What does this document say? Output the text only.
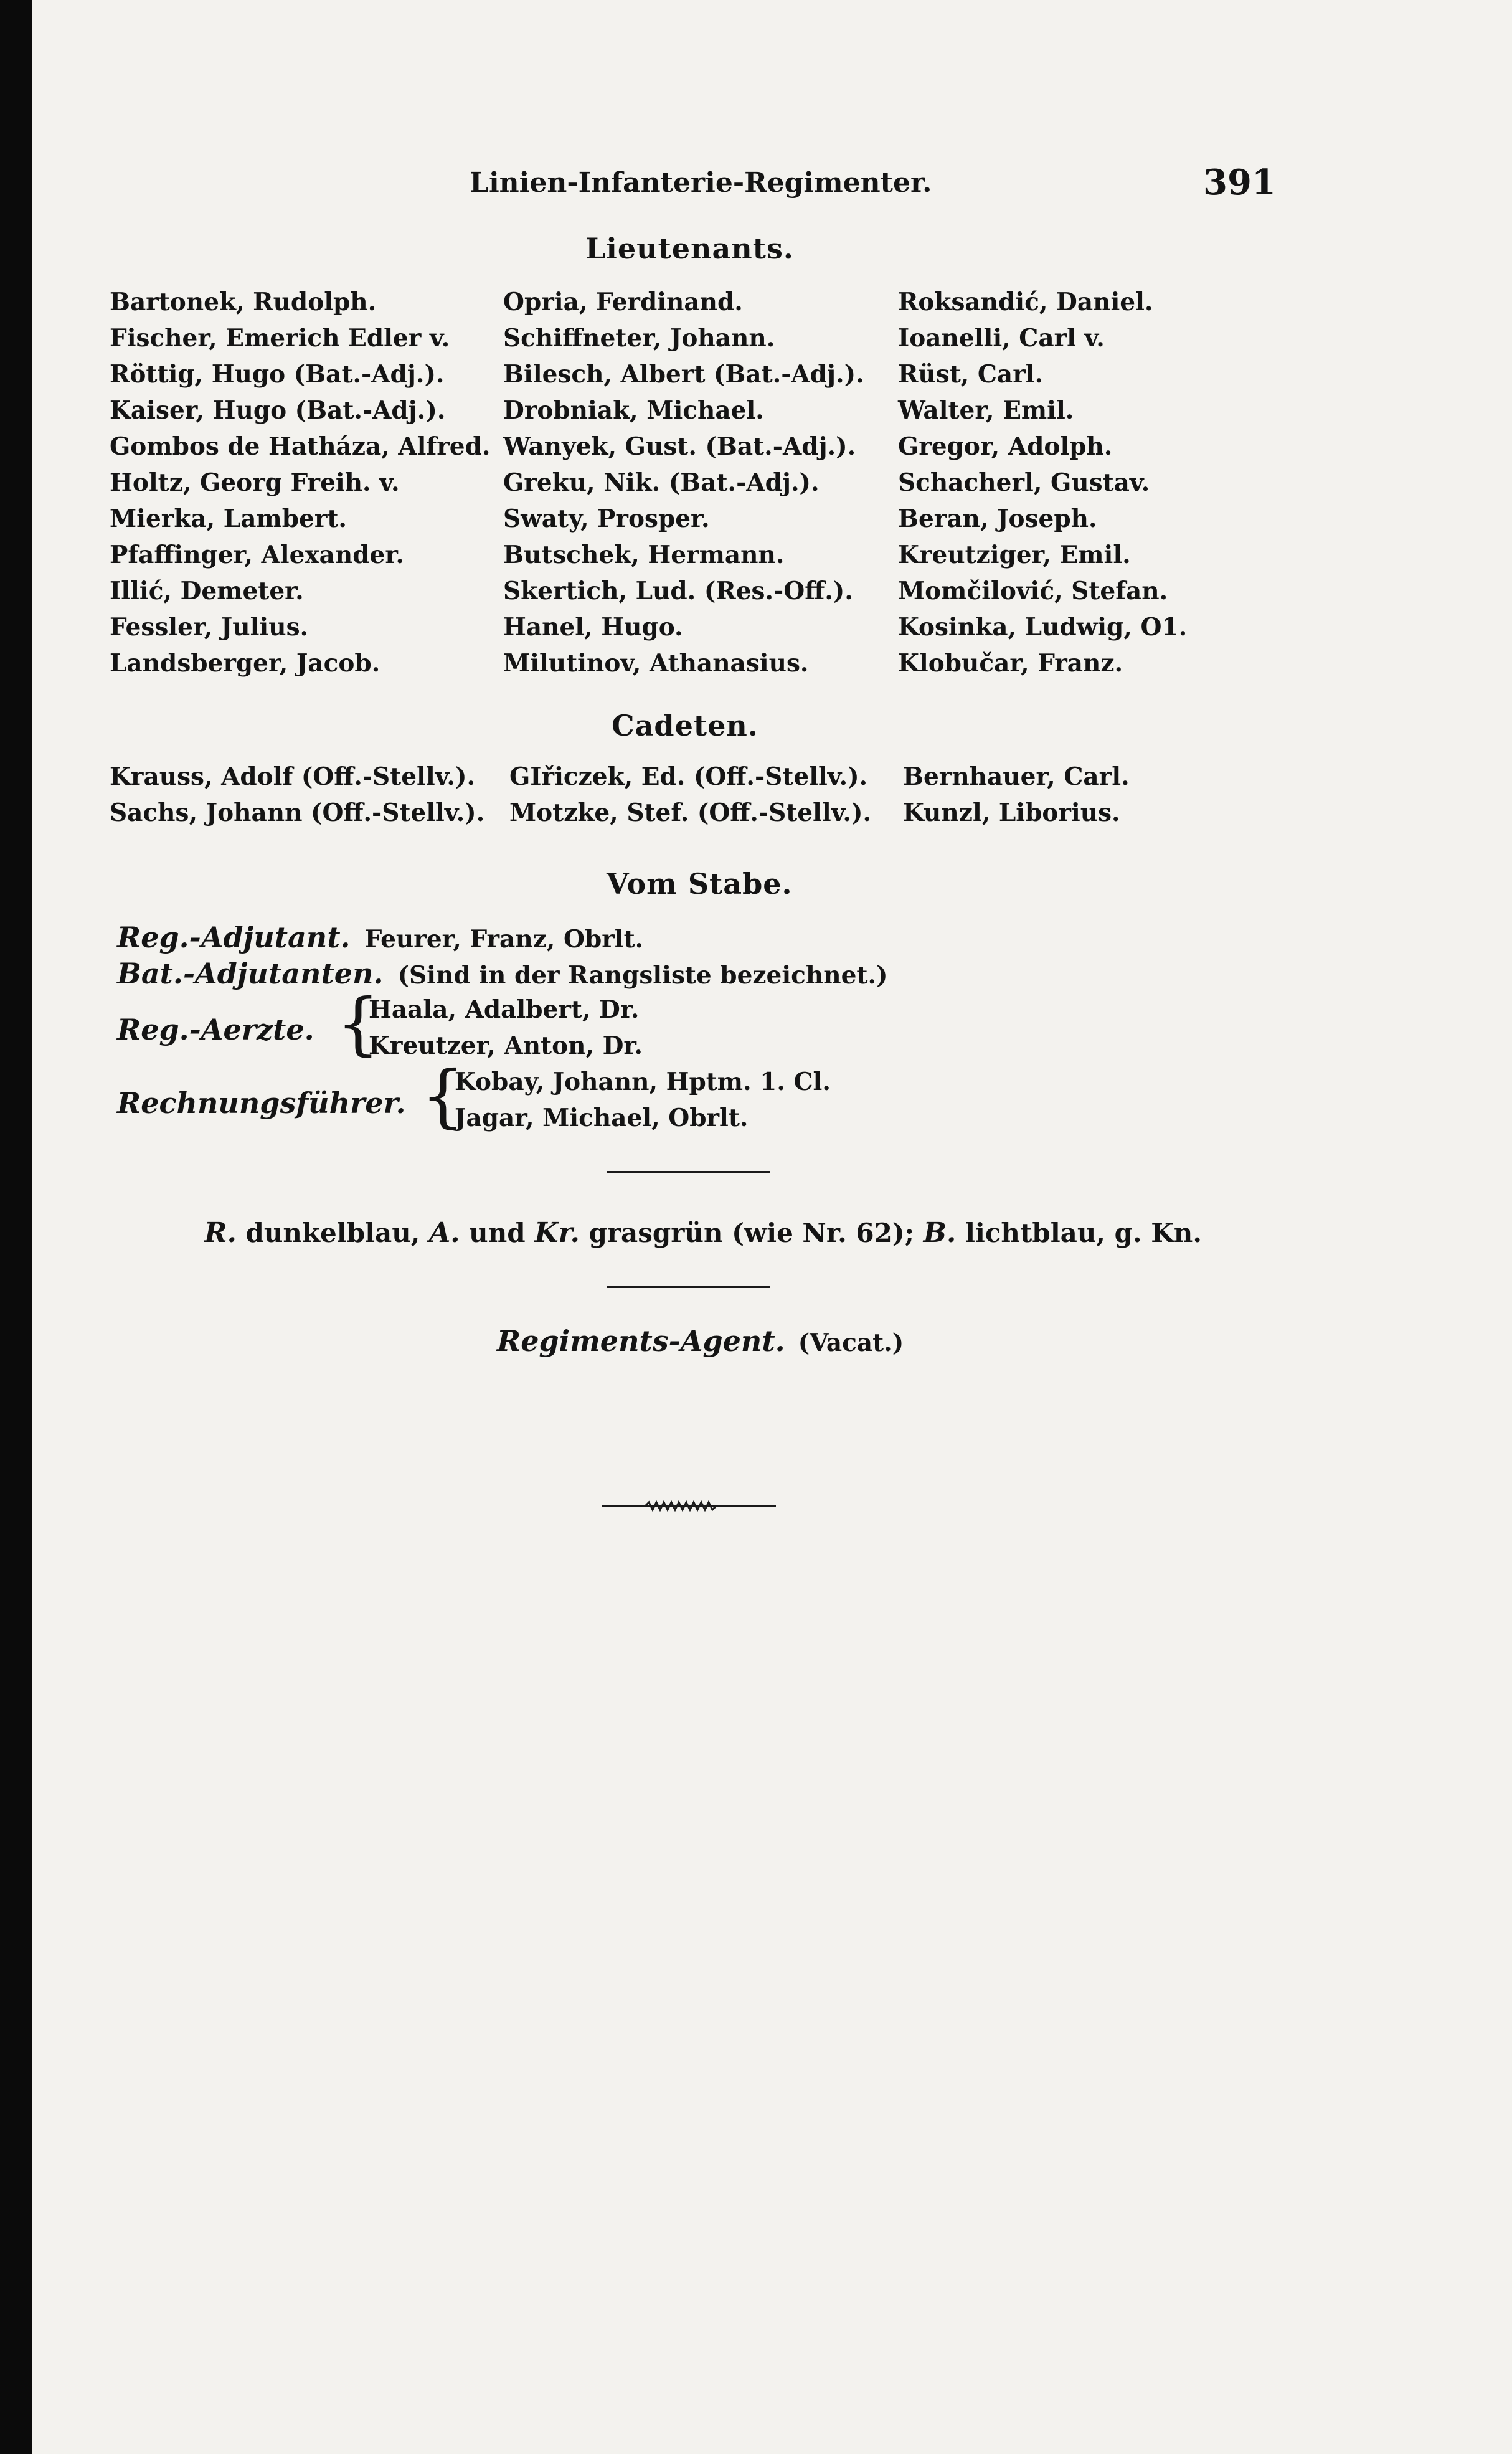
Linien-Infanterie-Regimenter.	391
Lieutenants.
Bartonek, Rudolph.
Fischer, Emerich Edler v.
Röttig, Hugo (Bat.-Adj.).
Kaiser, Hugo (Bat.-Adj.).
Gombos de Hatháza, Alfred.
Holtz, Georg Freih. v.
Mierka, Lambert.
Pfaffinger, Alexander.
Illić, Demeter.
Fessler, Julius.
Landsberger, Jacob.
Opria, Ferdinand.
Schiffneter, Johann.
Bilesch, Albert (Bat.-Adj.).
Drobniak, Michael.
Wanyek, Gust. (Bat.-Adj.).
Greku, Nik. (Bat.-Adj.).
Swaty, Prosper.
Butschek, Hermann.
Skertich, Lud. (Res.-Off.).
Hanel, Hugo.
Milutinov, Athanasius.
Roksandić, Daniel.
Ioanelli, Carl v.
Rüst, Carl.
Walter, Emil.
Gregor, Adolph.
Schacherl, Gustav.
Beran, Joseph.
Kreutziger, Emil.
Momčilović, Stefan.
Kosinka, Ludwig, O1.
Klobučar, Franz.
Cadeten.
Krauss, Adolf (Off.-Stellv.).
Sachs, Johann (Off.-Stellv.).
GIřiczek, Ed. (Off.-Stellv.).
Motzke, Stef. (Off.-Stellv.).
Bernhauer, Carl.
Kunzl, Liborius.
Vom Stabe.
Reg.-Adjutant. Feurer, Franz, Obrlt.
Bat.-Adjutanten. (Sind in der Rangsliste bezeichnet.)
Reg.-Aerzte. {
Haala, Adalbert, Dr.
Kreutzer, Anton, Dr.
Rechnungsführer. {
Kobay, Johann, Hptm. 1. Cl.
Jagar, Michael, Obrlt.
R. dunkelblau, A. und Kr. grasgrün (wie Nr. 62); B. lichtblau, g. Kn.
Regiments-Agent. (Vacat.)
